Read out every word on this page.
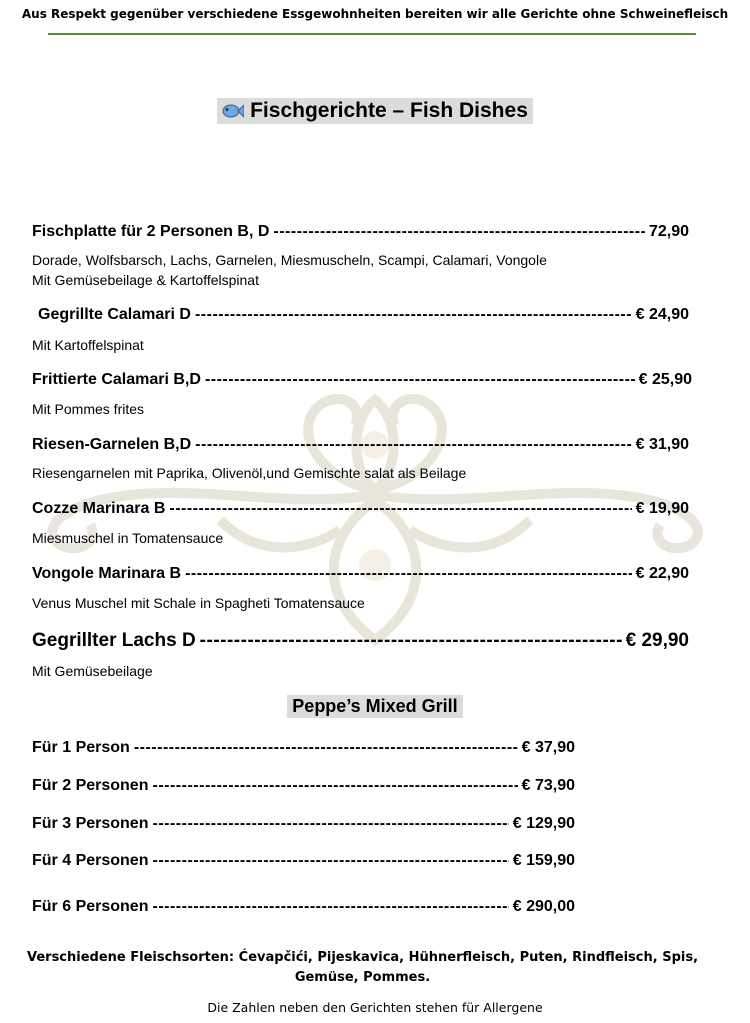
Aus Respekt gegenüber verschiedene Essgewohnheiten bereiten wir alle Gerichte ohne Schweinefleisch
Fischgerichte – Fish Dishes
Fischplatte für 2 Personen B, D -----	72,90
Dorade, Wolfsbarsch, Lachs, Garnelen, Miesmuscheln, Scampi, Calamari, Vongole
Mit Gemüsebeilage & Kartoffelspinat
Gegrillte Calamari D -----	€ 24,90
Mit Kartoffelspinat
Frittierte Calamari B,D -----	€ 25,90
Mit Pommes frites
Riesen-Garnelen B,D -----	€ 31,90
Riesengarnelen mit Paprika, Olivenöl,und Gemischte salat als Beilage
Cozze Marinara B -----	€ 19,90
Miesmuschel in Tomatensauce
Vongole Marinara B -----	€ 22,90
Venus Muschel mit Schale in Spagheti Tomatensauce
Gegrillter Lachs D -----	€ 29,90
Mit Gemüsebeilage
Peppe’s Mixed Grill
Für 1 Person -----	€ 37,90
Für 2 Personen -----	€ 73,90
Für 3 Personen -----	€ 129,90
Für 4 Personen -----	€ 159,90
Für 6 Personen -----	€ 290,00
Verschiedene Fleischsorten: Ćevapčići, Pijeskavica, Hühnerfleisch, Puten, Rindfleisch, Spis, Gemüse, Pommes.
Die Zahlen neben den Gerichten stehen für Allergene
